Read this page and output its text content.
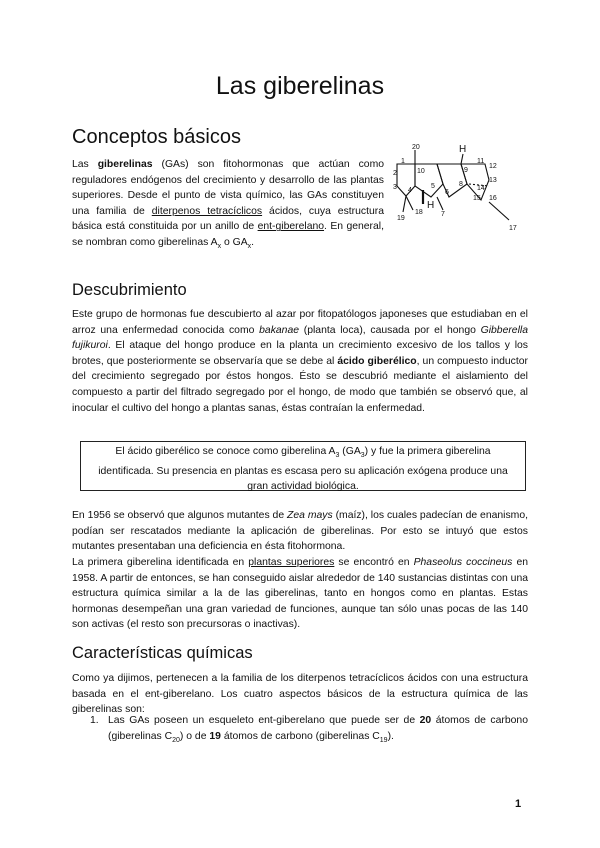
Las giberelinas
Conceptos básicos

Las giberelinas (GAs) son fitohormonas que actúan como reguladores endógenos del crecimiento y desarrollo de las plantas superiores. Desde el punto de vista químico, las GAs constituyen una familia de diterpenos tetracíclicos ácidos, cuya estructura básica está constituida por un anillo de ent-giberelano. En general, se nombran como giberelinas $A_x$ o $GA_x$.

20	H
1
10	9
11
12
2
3 4
5
6
8
14
13
15 16
18
H
7
19
17
Descubrimiento

Este grupo de hormonas fue descubierto al azar por fitopatólogos japoneses que estudiaban en el arroz una enfermedad conocida como bakanae (planta loca), causada por el hongo Gibberella fujikuroi. El ataque del hongo produce en la planta un crecimiento excesivo de los tallos y los brotes, que posteriormente se observaría que se debe al ácido giberélico, un compuesto inductor del crecimiento segregado por éstos hongos. Ésto se descubrió mediante el aislamiento del compuesto a partir del filtrado segregado por el hongo, de modo que también se observó que, al inocular el cultivo del hongo a plantas sanas, éstas contraían la enfermedad.

El ácido giberélico se conoce como giberelina $A_3$ $(GA_3)$ y fue la primera giberelina identificada. Su presencia en plantas es escasa pero su aplicación exógena produce una gran actividad biológica.

En 1956 se observó que algunos mutantes de Zea mays (maíz), los cuales padecían de enanismo, podían ser rescatados mediante la aplicación de giberelinas. Por esto se intuyó que estos mutantes presentaban una deficiencia en ésta fitohormona.

La primera giberelina identificada en plantas superiores se encontró en Phaseolus coccineus en 1958. A partir de entonces, se han conseguido aislar alrededor de 140 sustancias distintas con una estructura química similar a la de las giberelinas, tanto en hongos como en plantas. Estas hormonas desempeñan una gran variedad de funciones, aunque tan sólo unas pocas de las 140 son activas (el resto son precursoras o inactivas).

Características químicas

Como ya dijimos, pertenecen a la familia de los diterpenos tetracíclicos ácidos con una estructura basada en el ent-giberelano. Los cuatro aspectos básicos de la estructura química de las giberelinas son:

1. Las GAs poseen un esqueleto ent-giberelano que puede ser de 20 átomos de carbono (giberelinas $C_{20}$) o de 19 átomos de carbono (giberelinas $C_{19}$).
1
